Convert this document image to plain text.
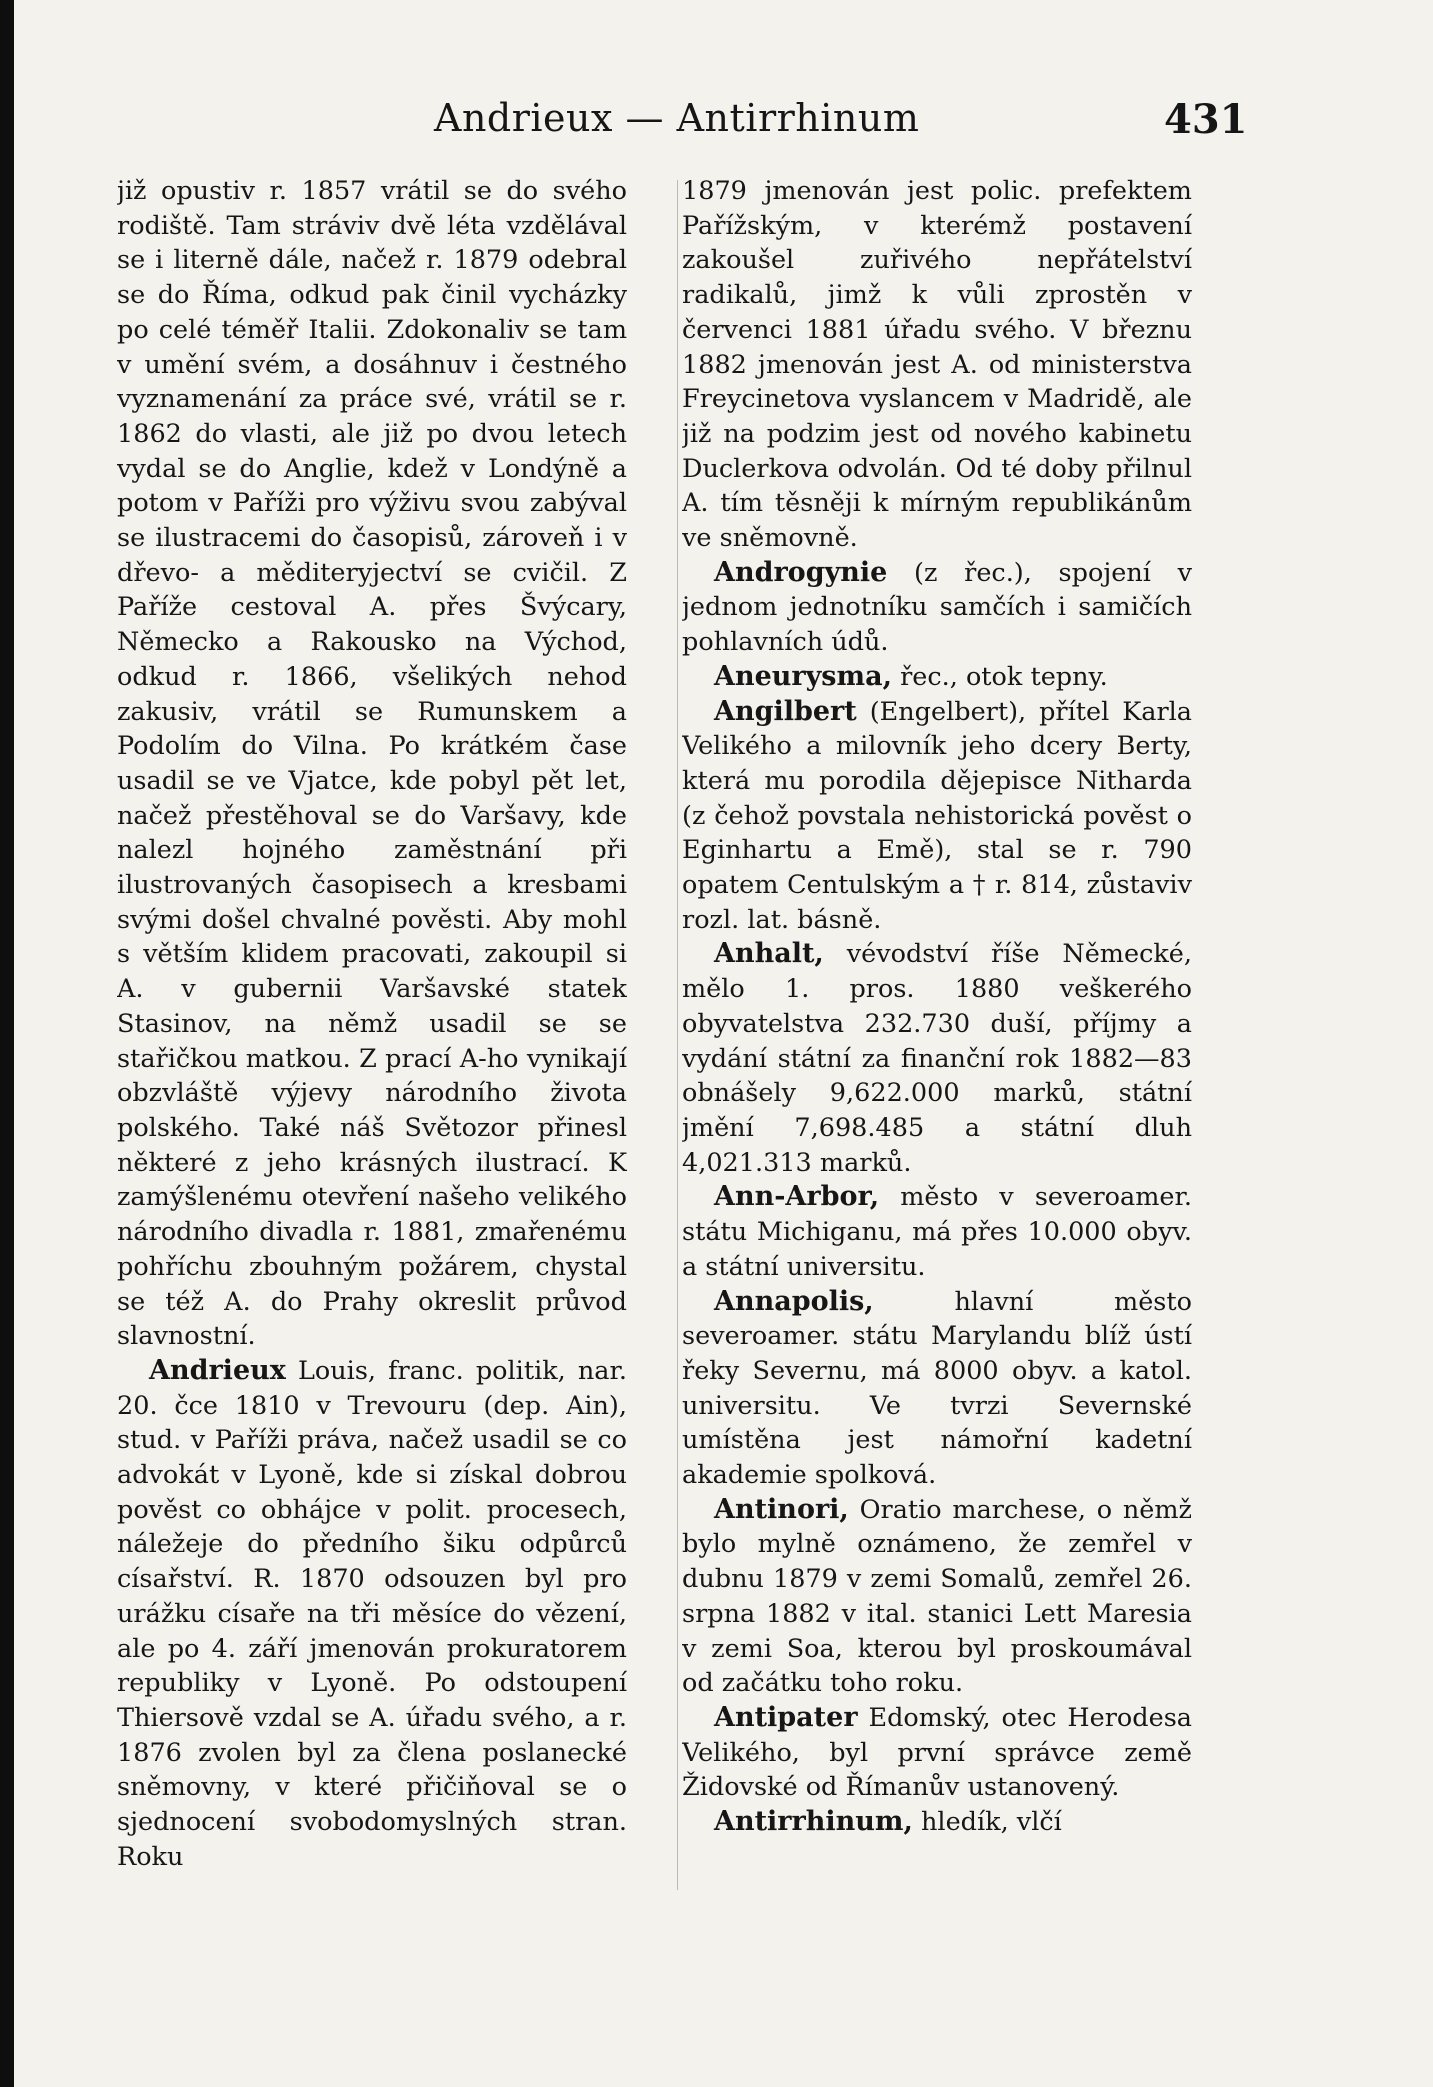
Andrieux — Antirrhinum	431

již opustiv r. 1857 vrátil se do svého rodiště. Tam stráviv dvě léta vzdělával se i literně dále, načež r. 1879 odebral se do Říma, odkud pak činil vycházky po celé téměř Italii. Zdokonaliv se tam v umění svém, a dosáhnuv i čestného vyznamenání za práce své, vrátil se r. 1862 do vlasti, ale již po dvou letech vydal se do Anglie, kdež v Londýně a potom v Paříži pro výživu svou zabýval se ilustracemi do časopisů, zároveň i v dřevo- a měditeryjectví se cvičil. Z Paříže cestoval A. přes Švýcary, Německo a Rakousko na Východ, odkud r. 1866, všelikých nehod zakusiv, vrátil se Rumunskem a Podolím do Vilna. Po krátkém čase usadil se ve Vjatce, kde pobyl pět let, načež přestěhoval se do Varšavy, kde nalezl hojného zaměstnání při ilustrovaných časopisech a kresbami svými došel chvalné pověsti. Aby mohl s větším klidem pracovati, zakoupil si A. v gubernii Varšavské statek Stasinov, na němž usadil se se stařičkou matkou. Z prací A-ho vynikají obzvláště výjevy národního života polského. Také náš Světozor přinesl některé z jeho krásných ilustrací. K zamýšlenému otevření našeho velikého národního divadla r. 1881, zmařenému pohříchu zbouhným požárem, chystal se též A. do Prahy okreslit průvod slavnostní.

Andrieux Louis, franc. politik, nar. 20. čce 1810 v Trevouru (dep. Ain), stud. v Paříži práva, načež usadil se co advokát v Lyoně, kde si získal dobrou pověst co obhájce v polit. procesech, náležeje do předního šiku odpůrců císařství. R. 1870 odsouzen byl pro urážku císaře na tři měsíce do vězení, ale po 4. září jmenován prokuratorem republiky v Lyoně. Po odstoupení Thiersově vzdal se A. úřadu svého, a r. 1876 zvolen byl za člena poslanecké sněmovny, v které přičiňoval se o sjednocení svobodomyslných stran. Roku

1879 jmenován jest polic. prefektem Pařížským, v kterémž postavení zakoušel zuřivého nepřátelství radikalů, jimž k vůli zprostěn v červenci 1881 úřadu svého. V březnu 1882 jmenován jest A. od ministerstva Freycinetova vyslancem v Madridě, ale již na podzim jest od nového kabinetu Duclerkova odvolán. Od té doby přilnul A. tím těsněji k mírným republikánům ve sněmovně.

Androgynie (z řec.), spojení v jednom jednotníku samčích i samičích pohlavních údů.

Aneurysma, řec., otok tepny.

Angilbert (Engelbert), přítel Karla Velikého a milovník jeho dcery Berty, která mu porodila dějepisce Nitharda (z čehož povstala nehistorická pověst o Eginhartu a Emě), stal se r. 790 opatem Centulským a † r. 814, zůstaviv rozl. lat. básně.

Anhalt, vévodství říše Německé, mělo 1. pros. 1880 veškerého obyvatelstva 232.730 duší, příjmy a vydání státní za finanční rok 1882—83 obnášely 9,622.000 marků, státní jmění 7,698.485 a státní dluh 4,021.313 marků.

Ann-Arbor, město v severoamer. státu Michiganu, má přes 10.000 obyv. a státní universitu.

Annapolis,	hlavní město severoamer. státu Marylandu blíž ústí řeky Severnu, má 8000 obyv. a katol. universitu. Ve tvrzi Severnské umístěna jest námořní kadetní akademie spolková.

Antinori, Oratio marchese, o němž bylo mylně oznámeno, že zemřel v dubnu 1879 v zemi Somalů, zemřel 26. srpna 1882 v ital. stanici Lett Maresia v zemi Soa, kterou byl proskoumával od začátku toho roku.

Antipater Edomský, otec Herodesa Velikého, byl první správce země Židovské od Římanův ustanovený.

Antirrhinum, hledík, vlčí
